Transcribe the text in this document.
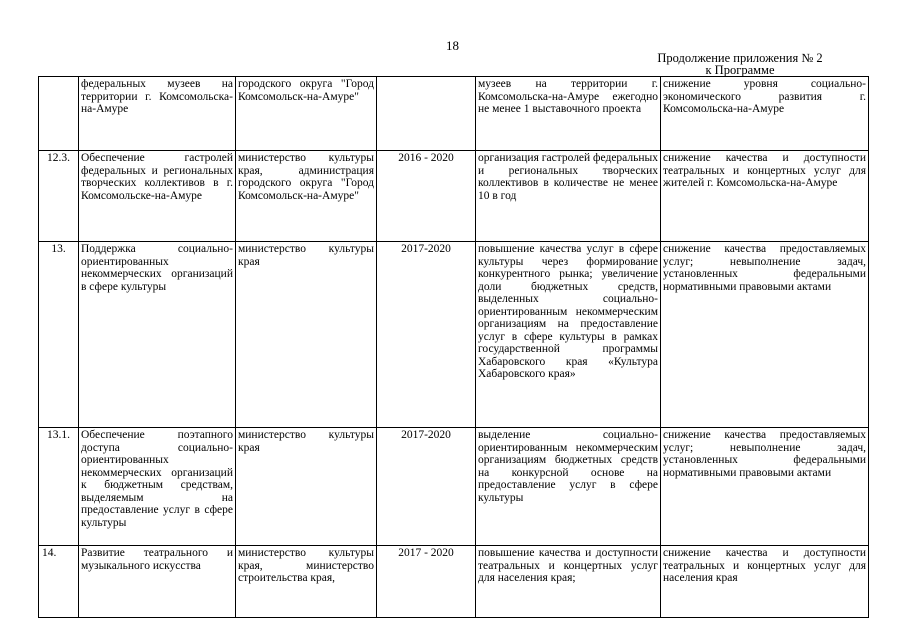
18
Продолжение приложения № 2
к Программе
	федеральных музеев на территории г. Комсомольска-на-Амуре	городского округа "Город Комсомольск-на-Амуре"		музеев на территории г. Комсомольска-на-Амуре ежегодно не менее 1 выставочного проекта	снижение уровня социально-экономического развития г. Комсомольска-на-Амуре
12.3.	Обеспечение гастролей федеральных и региональных творческих коллективов в г. Комсомольске-на-Амуре	министерство культуры края, администрация городского округа "Город Комсомольск-на-Амуре"	2016 - 2020	организация гастролей федеральных и региональных творческих коллективов в количестве не менее 10 в год	снижение качества и доступности театральных и концертных услуг для жителей г. Комсомольска-на-Амуре
13.	Поддержка социально-ориентированных некоммерческих организаций в сфере культуры	министерство культуры края	2017-2020	повышение качества услуг в сфере культуры через формирование конкурентного рынка; увеличение доли бюджетных средств, выделенных социально-ориентированным некоммерческим организациям на предоставление услуг в сфере культуры в рамках государственной программы Хабаровского края «Культура Хабаровского края»	снижение качества предоставляемых услуг; невыполнение задач, установленных федеральными нормативными правовыми актами
13.1.	Обеспечение поэтапного доступа социально-ориентированных некоммерческих организаций к бюджетным средствам, выделяемым на предоставление услуг в сфере культуры	министерство культуры края	2017-2020	выделение социально-ориентированным некоммерческим организациям бюджетных средств на конкурсной основе на предоставление услуг в сфере культуры	снижение качества предоставляемых услуг; невыполнение задач, установленных федеральными нормативными правовыми актами
14.	Развитие театрального и музыкального искусства	министерство культуры края, министерство строительства края,	2017 - 2020	повышение качества и доступности театральных и концертных услуг для населения края;	снижение качества и доступности театральных и концертных услуг для населения края
